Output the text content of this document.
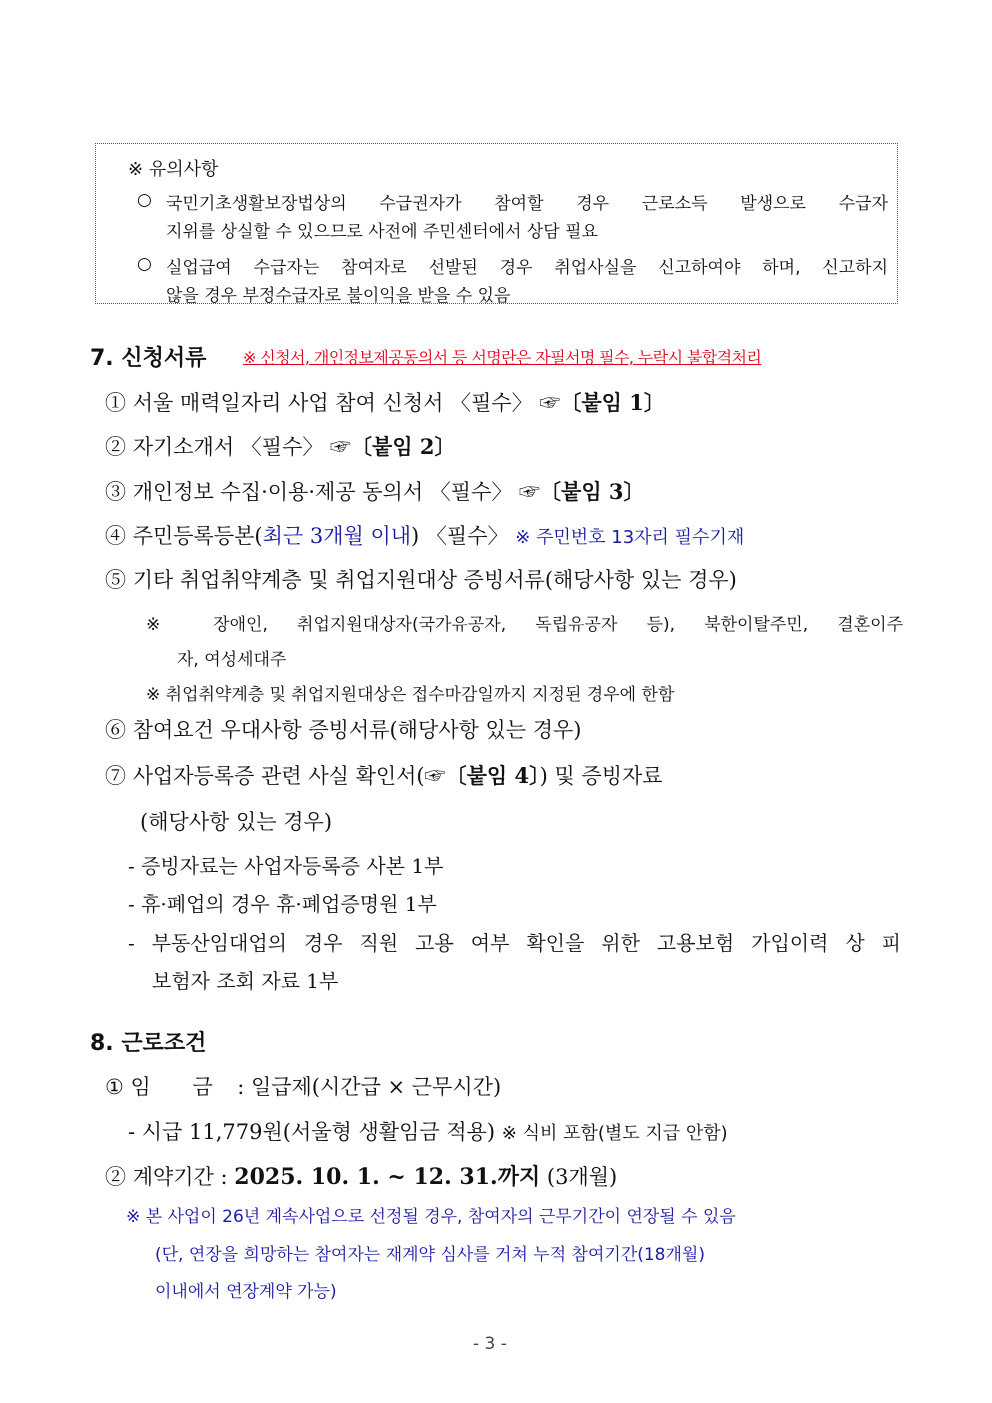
※ 유의사항
○ 국민기초생활보장법상의 수급권자가 참여할 경우 근로소득 발생으로 수급자
지위를 상실할 수 있으므로 사전에 주민센터에서 상담 필요
○ 실업급여 수급자는 참여자로 선발된 경우 취업사실을 신고하여야 하며, 신고하지
않을 경우 부정수급자로 불이익을 받을 수 있음
7. 신청서류 ※ 신청서, 개인정보제공동의서 등 서명란은 자필서명 필수, 누락시 불합격처리
① 서울 매력일자리 사업 참여 신청서 〈필수〉 ☞〔붙임 1〕
② 자기소개서 〈필수〉 ☞〔붙임 2〕
③ 개인정보 수집·이용·제공 동의서 〈필수〉 ☞〔붙임 3〕
④ 주민등록등본(최근 3개월 이내) 〈필수〉 ※ 주민번호 13자리 필수기재
⑤ 기타 취업취약계층 및 취업지원대상 증빙서류(해당사항 있는 경우)
※ 장애인, 취업지원대상자(국가유공자, 독립유공자 등), 북한이탈주민, 결혼이주
자, 여성세대주
※ 취업취약계층 및 취업지원대상은 접수마감일까지 지정된 경우에 한함
⑥ 참여요건 우대사항 증빙서류(해당사항 있는 경우)
⑦ 사업자등록증 관련 사실 확인서(☞〔붙임 4〕) 및 증빙자료
(해당사항 있는 경우)
- 증빙자료는 사업자등록증 사본 1부
- 휴·폐업의 경우 휴·폐업증명원 1부
- 부동산임대업의 경우 직원 고용 여부 확인을 위한 고용보험 가입이력 상 피
보험자 조회 자료 1부
8. 근로조건
① 임 금 : 일급제(시간급 × 근무시간)
- 시급 11,779원(서울형 생활임금 적용) ※ 식비 포함(별도 지급 안함)
② 계약기간 : 2025. 10. 1. ~ 12. 31.까지 (3개월)
※ 본 사업이 26년 계속사업으로 선정될 경우, 참여자의 근무기간이 연장될 수 있음
(단, 연장을 희망하는 참여자는 재계약 심사를 거쳐 누적 참여기간(18개월)
이내에서 연장계약 가능)
- 3 -
